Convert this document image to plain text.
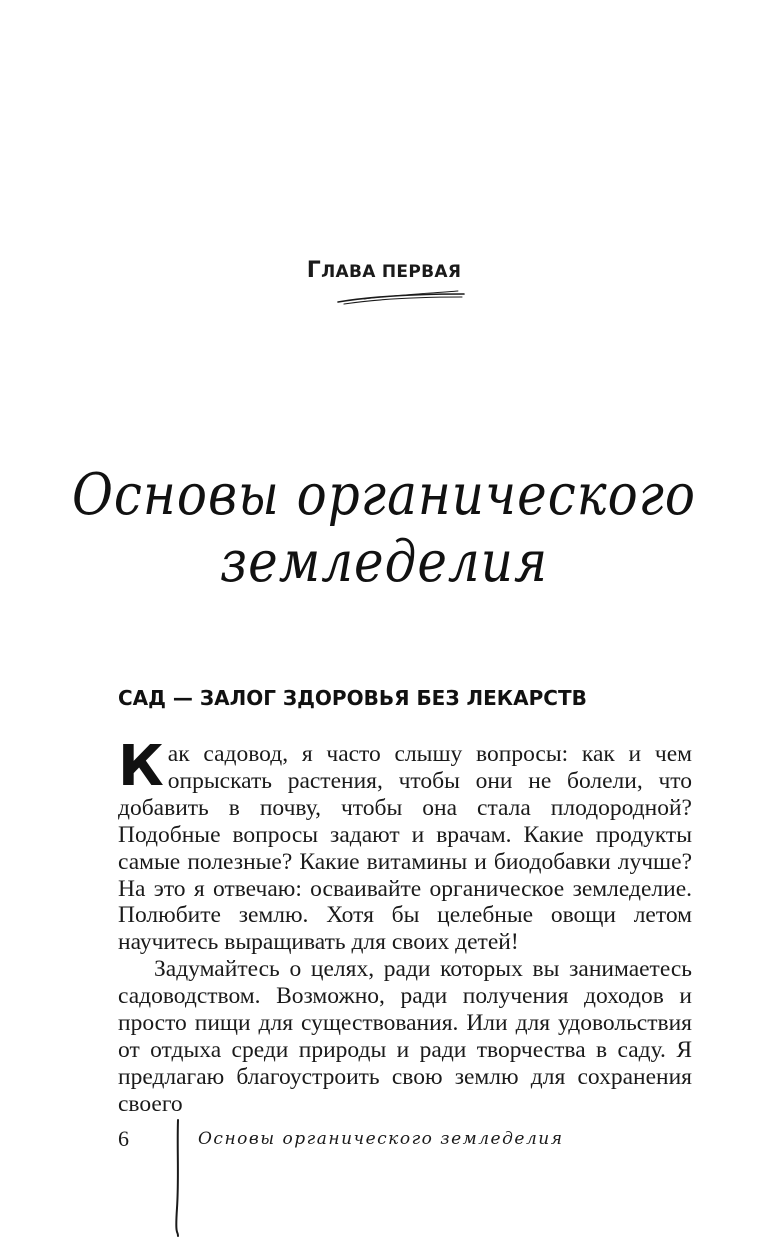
ГЛАВА ПЕРВАЯ
Основы органического земледелия
САД — ЗАЛОГ ЗДОРОВЬЯ БЕЗ ЛЕКАРСТВ

Как садовод, я часто слышу вопросы: как и чем опрыскать растения, чтобы они не болели, что добавить в почву, чтобы она стала плодородной? Подобные вопросы задают и врачам. Какие продукты самые полезные? Какие витамины и биодобавки лучше? На это я отвечаю: осваивайте органическое земледелие. Полюбите землю. Хотя бы целебные овощи летом научитесь выращивать для своих детей!

Задумайтесь о целях, ради которых вы занимаетесь садоводством. Возможно, ради получения доходов и просто пищи для существования. Или для удовольствия от отдыха среди природы и ради творчества в саду. Я предлагаю благоустроить свою землю для сохранения своего

6	Основы органического земледелия
